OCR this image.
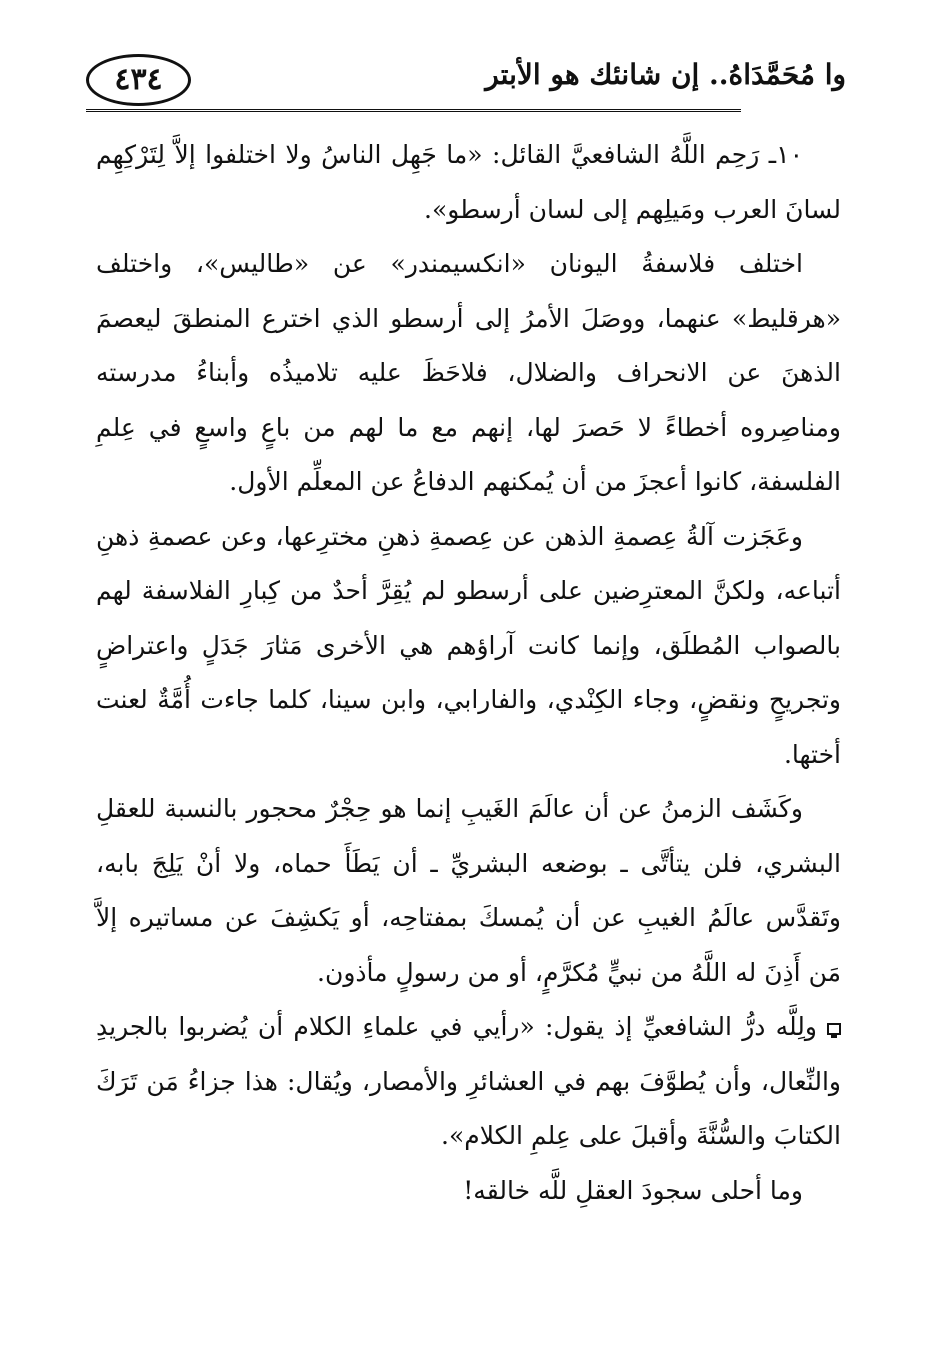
٤٣٤	وا مُحَمَّدَاهُ.. إن شانئك هو الأبتر

١٠ـ رَحِم اللَّهُ الشافعيَّ القائل: «ما جَهِل الناسُ ولا اختلفوا إلاَّ لِتَرْكِهِم لسانَ العرب ومَيلِهم إلى لسان أرسطو».

اختلف فلاسفةُ اليونان «انكسيمندر» عن «طاليس»، واختلف «هرقليط» عنهما، ووصَلَ الأمرُ إلى أرسطو الذي اخترع المنطقَ ليعصمَ الذهنَ عن الانحراف والضلال، فلاحَظَ عليه تلاميذُه وأبناءُ مدرسته ومناصِروه أخطاءً لا حَصرَ لها، إنهم مع ما لهم من باعٍ واسعٍ في عِلمِ الفلسفة، كانوا أعجزَ من أن يُمكنهم الدفاعُ عن المعلِّم الأول.

وعَجَزت آلةُ عِصمةِ الذهن عن عِصمةِ ذهنِ مخترِعها، وعن عصمةِ ذهنِ أتباعه، ولكنَّ المعترِضين على أرسطو لم يُقِرَّ أحدٌ من كِبارِ الفلاسفة لهم بالصواب المُطلَق، وإنما كانت آراؤهم هي الأخرى مَثارَ جَدَلٍ واعتراضٍ وتجريحٍ ونقضٍ، وجاء الكِنْدي، والفارابي، وابن سينا، كلما جاءت أُمَّةٌ لعنت أختها.

وكَشَف الزمنُ عن أن عالَمَ الغَيبِ إنما هو حِجْرٌ محجور بالنسبة للعقلِ البشري، فلن يتأتَّى ـ بوضعه البشريِّ ـ أن يَطَأَ حماه، ولا أنْ يَلِجَ بابه، وتَقدَّس عالَمُ الغيبِ عن أن يُمسكَ بمفتاحِه، أو يَكشِفَ عن مساتيره إلاَّ مَن أَذِنَ له اللَّهُ من نبيٍّ مُكرَّمٍ، أو من رسولٍ مأذون.

ولِلَّه درُّ الشافعيِّ إذ يقول: «رأيي في علماءِ الكلام أن يُضربوا بالجريدِ والنِّعال، وأن يُطوَّفَ بهم في العشائرِ والأمصار، ويُقال: هذا جزاءُ مَن تَرَكَ الكتابَ والسُّنَّةَ وأقبلَ على عِلمِ الكلام».

وما أحلى سجودَ العقلِ للَّه خالقه!
